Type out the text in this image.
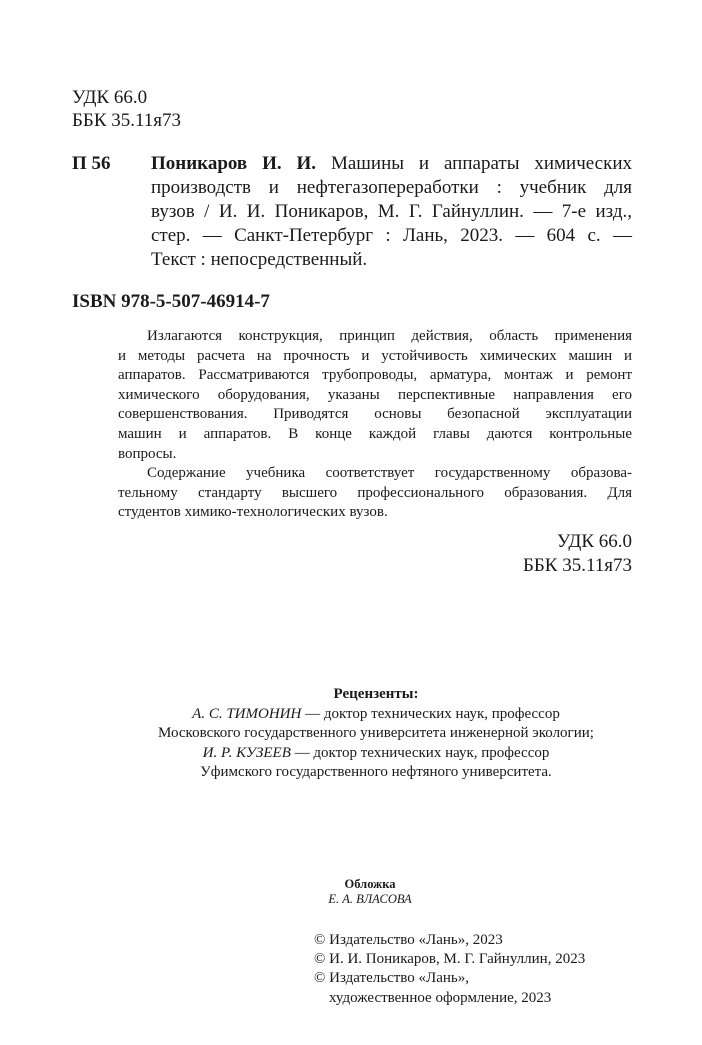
УДК 66.0
ББК 35.11я73
П 56 Поникаров И. И. Машины и аппараты химических
производств и нефтегазопереработки : учебник для
вузов / И. И. Поникаров, М. Г. Гайнуллин. — 7-е изд.,
стер. — Санкт-Петербург : Лань, 2023. — 604 с. —
Текст : непосредственный.
ISBN 978-5-507-46914-7
Излагаются конструкция, принцип действия, область применения
и методы расчета на прочность и устойчивость химических машин и
аппаратов. Рассматриваются трубопроводы, арматура, монтаж и ремонт
химического оборудования, указаны перспективные направления его
совершенствования. Приводятся основы безопасной эксплуатации
машин и аппаратов. В конце каждой главы даются контрольные
вопросы.
Содержание учебника соответствует государственному образова-
тельному стандарту высшего профессионального образования. Для
студентов химико-технологических вузов.
УДК 66.0
ББК 35.11я73
Рецензенты:
А. С. ТИМОНИН — доктор технических наук, профессор
Московского государственного университета инженерной экологии;
И. Р. КУЗЕЕВ — доктор технических наук, профессор
Уфимского государственного нефтяного университета.
Обложка
Е. А. ВЛАСОВА
© Издательство «Лань», 2023
© И. И. Поникаров, М. Г. Гайнуллин, 2023
© Издательство «Лань»,
художественное оформление, 2023
